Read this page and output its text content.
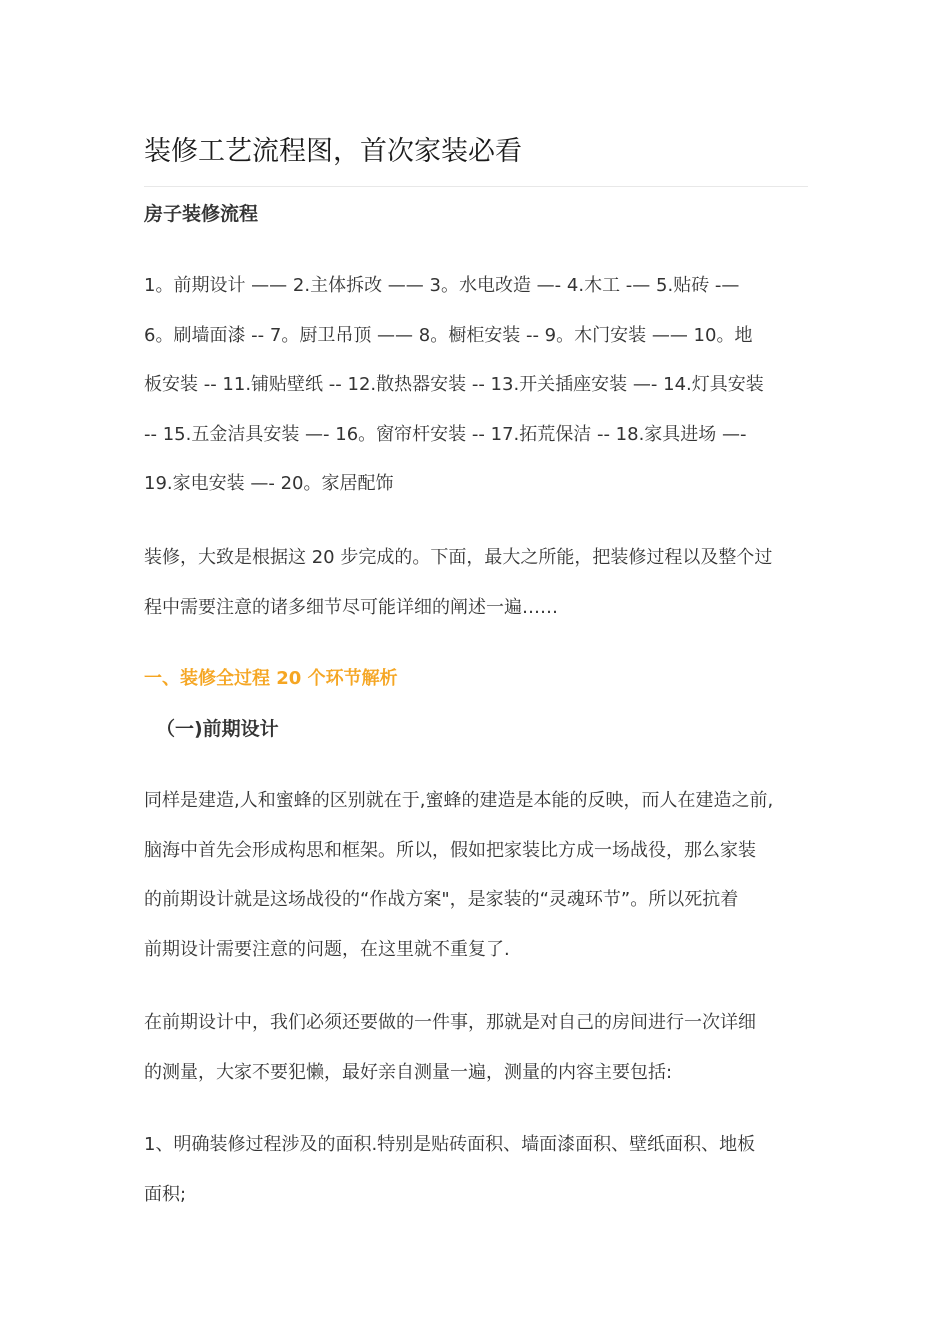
装修工艺流程图，首次家装必看
房子装修流程

1。前期设计 —— 2.主体拆改 —— 3。水电改造 —- 4.木工 -— 5.贴砖 -—
6。刷墙面漆 -- 7。厨卫吊顶 —— 8。橱柜安装 -- 9。木门安装 —— 10。地
板安装 -- 11.铺贴壁纸 -- 12.散热器安装 -- 13.开关插座安装 —- 14.灯具安装
-- 15.五金洁具安装 —- 16。窗帘杆安装 -- 17.拓荒保洁 -- 18.家具进场 —-
19.家电安装 —- 20。家居配饰

装修，大致是根据这 20 步完成的。下面，最大之所能，把装修过程以及整个过
程中需要注意的诸多细节尽可能详细的阐述一遍……

一、装修全过程 20 个环节解析
（一)前期设计

同样是建造,人和蜜蜂的区别就在于,蜜蜂的建造是本能的反映，而人在建造之前,
脑海中首先会形成构思和框架。所以，假如把家装比方成一场战役，那么家装
的前期设计就是这场战役的“作战方案"，是家装的“灵魂环节”。所以死抗着
前期设计需要注意的问题，在这里就不重复了.

在前期设计中，我们必须还要做的一件事，那就是对自己的房间进行一次详细
的测量，大家不要犯懒，最好亲自测量一遍，测量的内容主要包括:

1、明确装修过程涉及的面积.特别是贴砖面积、墙面漆面积、壁纸面积、地板
面积;
